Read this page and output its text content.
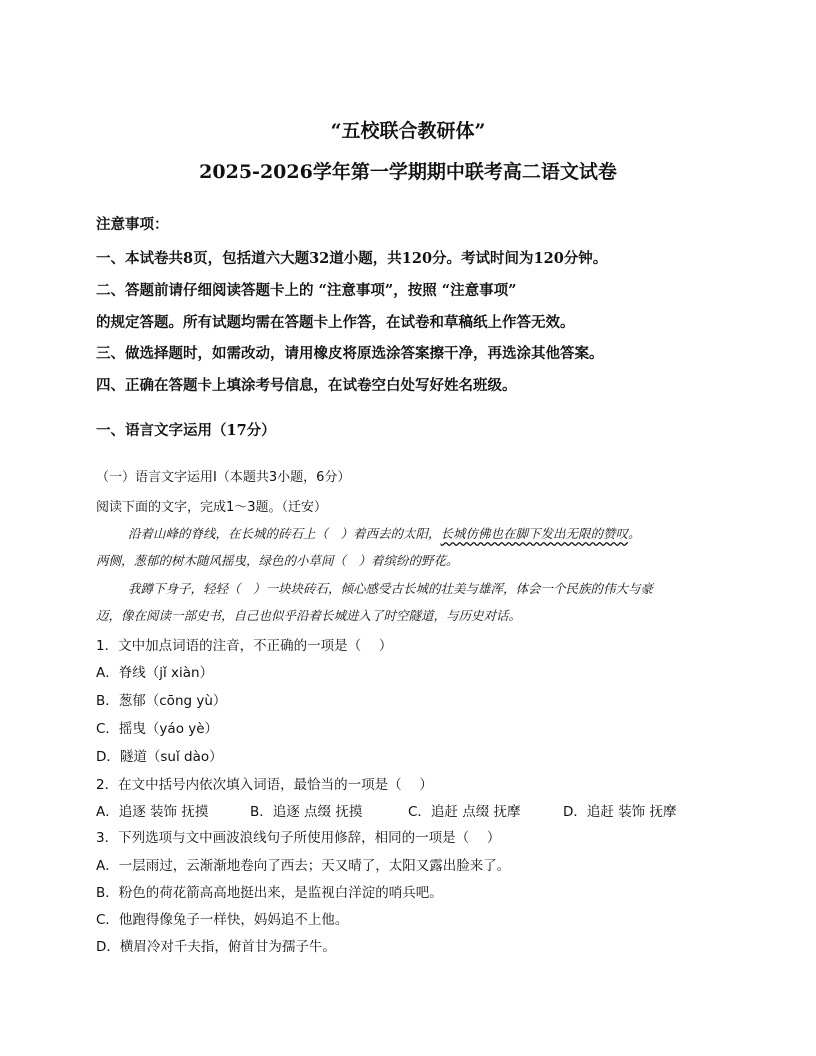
“五校联合教研体”
2025-2026学年第一学期期中联考高二语文试卷
注意事项：
一、本试卷共8页，包括道六大题32道小题，共120分。考试时间为120分钟。
二、答题前请仔细阅读答题卡上的 “注意事项”，按照 “注意事项”
的规定答题。所有试题均需在答题卡上作答，在试卷和草稿纸上作答无效。
三、做选择题时，如需改动，请用橡皮将原选涂答案擦干净，再选涂其他答案。
四、正确在答题卡上填涂考号信息，在试卷空白处写好姓名班级。
一、语言文字运用（17分）
（一）语言文字运用Ⅰ（本题共3小题，6分）
阅读下面的文字，完成1～3题。（迁安）
沿着山峰的脊线，在长城的砖石上（　）着西去的太阳，长城仿佛也在脚下发出无限的赞叹。
两侧，葱郁的树木随风摇曳，绿色的小草间（　）着缤纷的野花。
我蹲下身子，轻轻（　）一块块砖石，倾心感受古长城的壮美与雄浑，体会一个民族的伟大与豪
迈，像在阅读一部史书，自己也似乎沿着长城进入了时空隧道，与历史对话。
1．文中加点词语的注音，不正确的一项是（　 ）
A．脊线（jǐ xiàn）
B．葱郁（cōng yù）
C．摇曳（yáo yè）
D．隧道（suǐ dào）
2．在文中括号内依次填入词语，最恰当的一项是（　 ）
A．追逐 装饰 抚摸	B．追逐 点缀 抚摸	C．追赶 点缀 抚摩	D．追赶 装饰 抚摩
3．下列选项与文中画波浪线句子所使用修辞，相同的一项是（　 ）
A．一层雨过，云渐渐地卷向了西去；天又晴了，太阳又露出脸来了。
B．粉色的荷花箭高高地挺出来，是监视白洋淀的哨兵吧。
C．他跑得像兔子一样快，妈妈追不上他。
D．横眉冷对千夫指，俯首甘为孺子牛。
